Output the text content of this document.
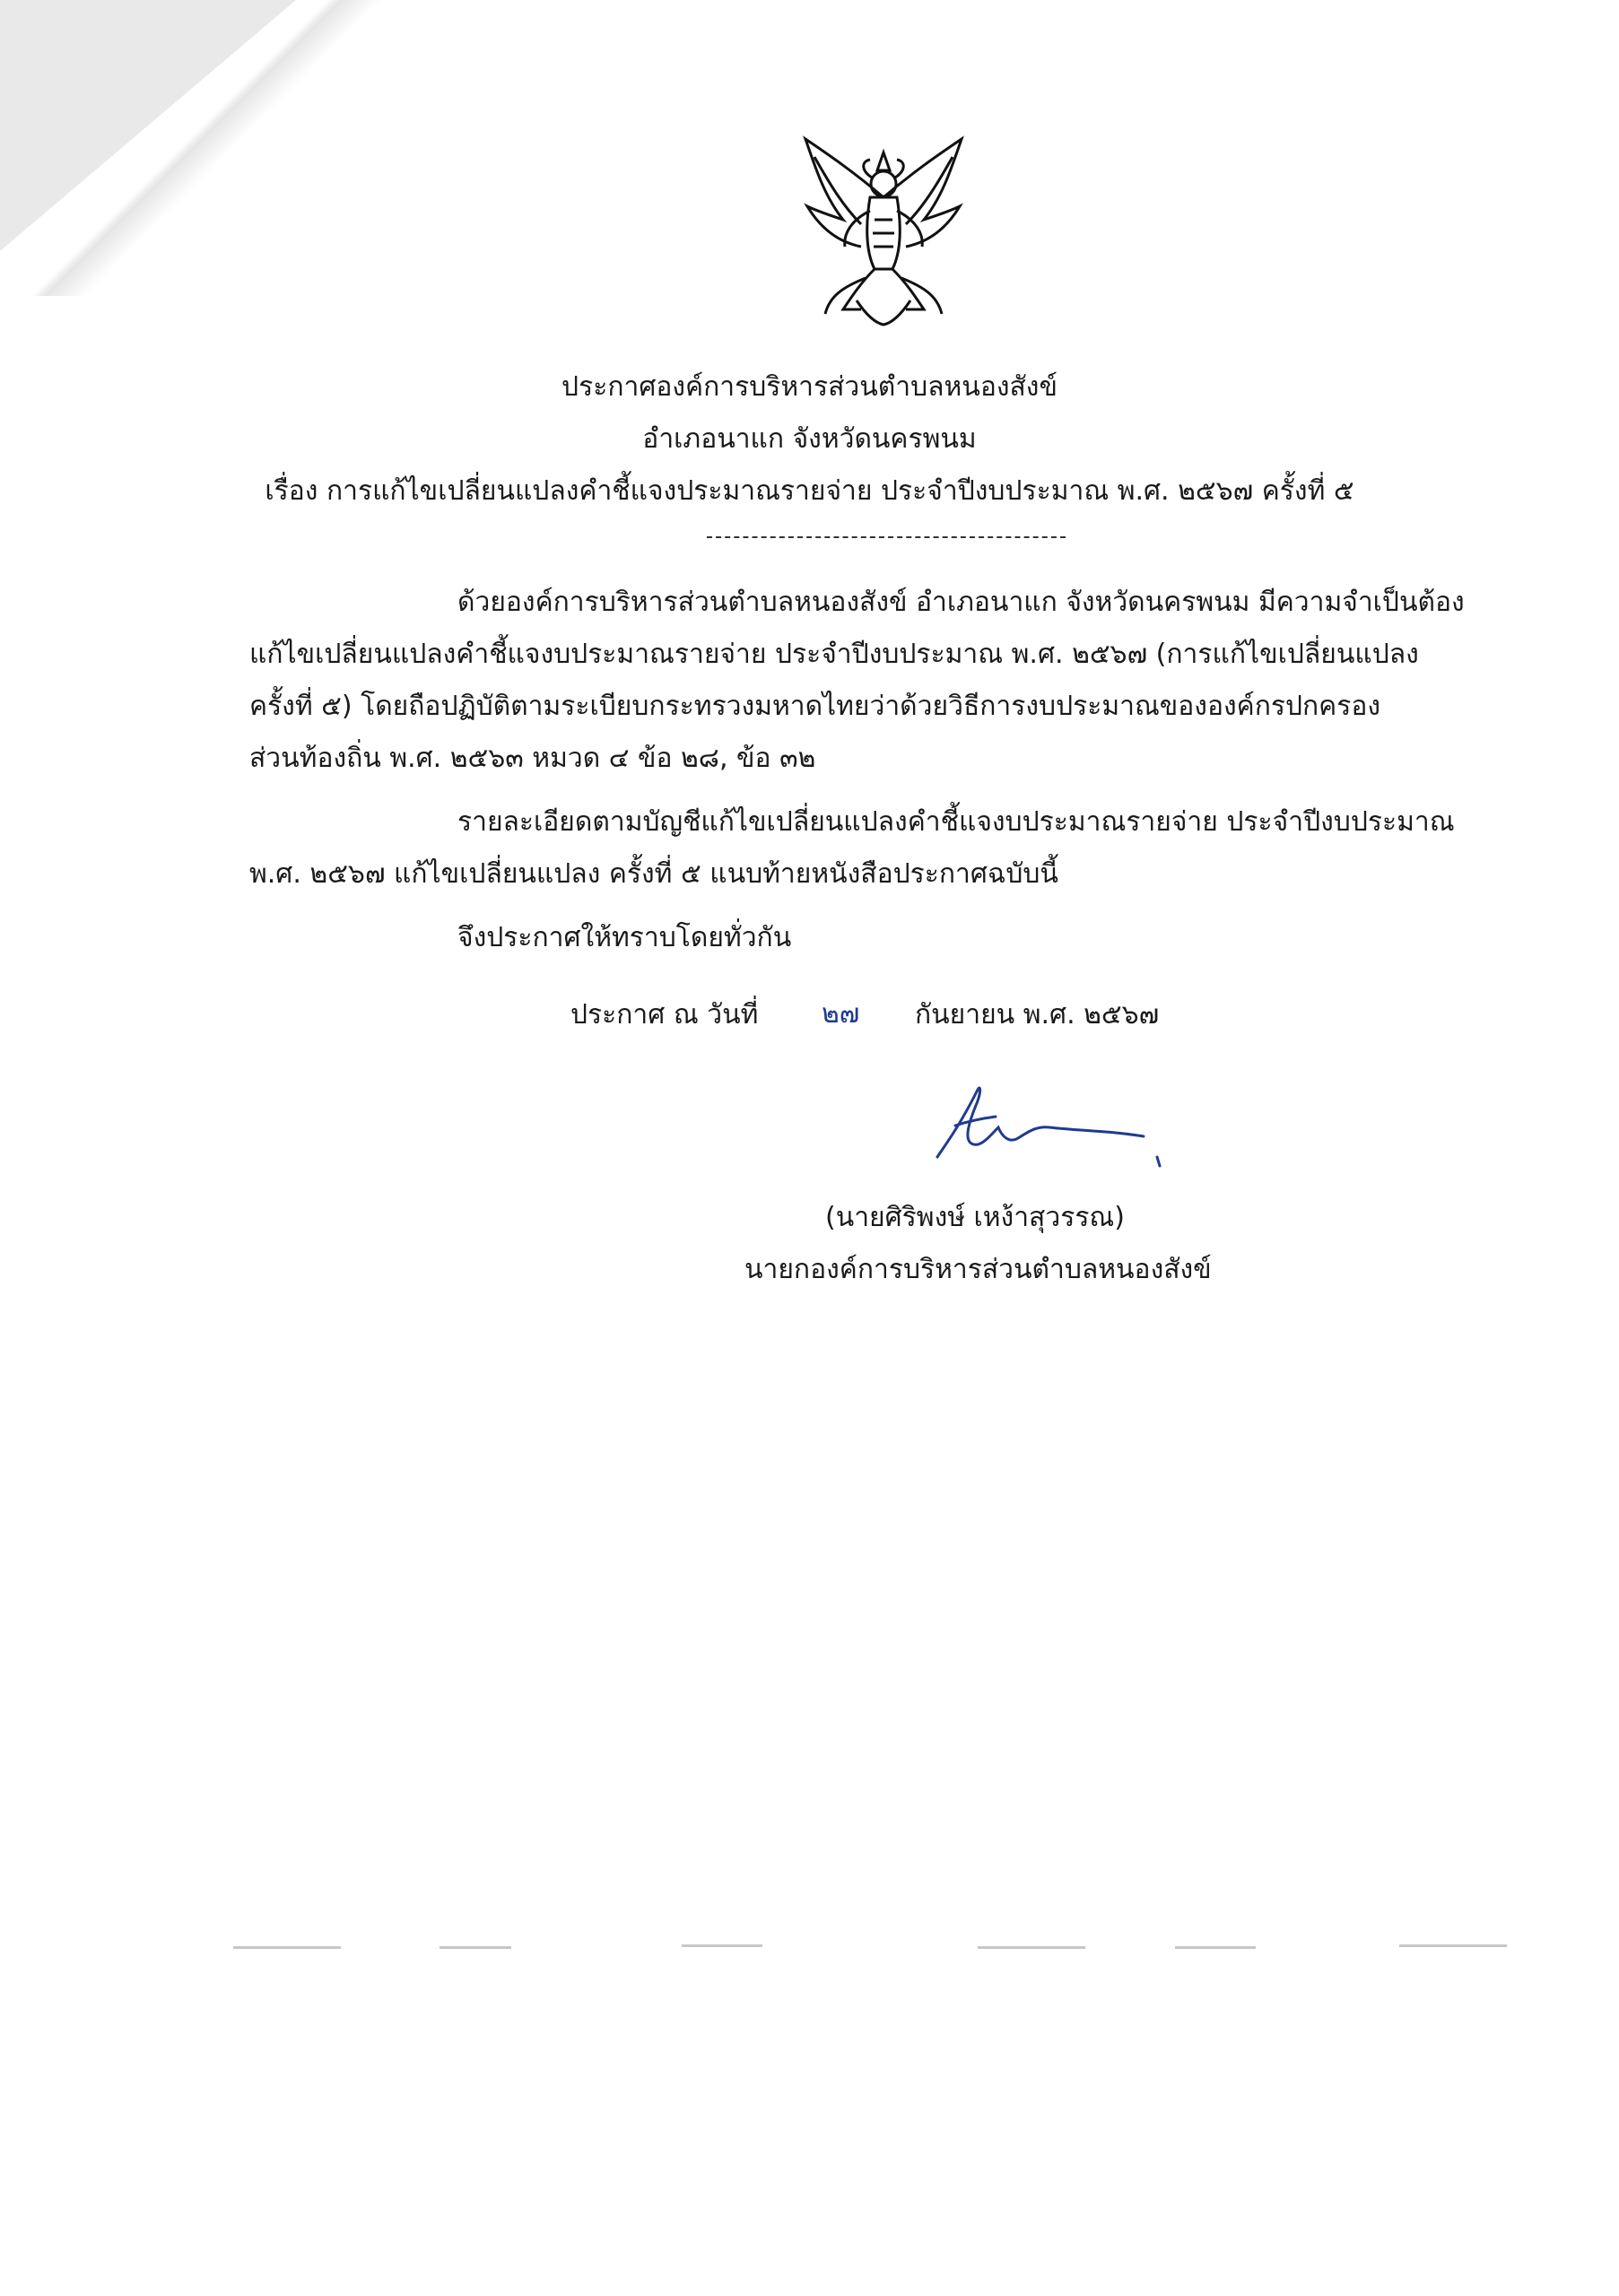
ประกาศองค์การบริหารส่วนตำบลหนองสังข์
อำเภอนาแก จังหวัดนครพนม
เรื่อง การแก้ไขเปลี่ยนแปลงคำชี้แจงประมาณรายจ่าย ประจำปีงบประมาณ พ.ศ. ๒๕๖๗ ครั้งที่ ๕
ด้วยองค์การบริหารส่วนตำบลหนองสังข์ อำเภอนาแก จังหวัดนครพนม มีความจำเป็นต้อง
แก้ไขเปลี่ยนแปลงคำชี้แจงบประมาณรายจ่าย ประจำปีงบประมาณ พ.ศ. ๒๕๖๗ (การแก้ไขเปลี่ยนแปลง
ครั้งที่ ๕) โดยถือปฏิบัติตามระเบียบกระทรวงมหาดไทยว่าด้วยวิธีการงบประมาณขององค์กรปกครอง
ส่วนท้องถิ่น พ.ศ. ๒๕๖๓ หมวด ๔ ข้อ ๒๘, ข้อ ๓๒
รายละเอียดตามบัญชีแก้ไขเปลี่ยนแปลงคำชี้แจงบประมาณรายจ่าย ประจำปีงบประมาณ
พ.ศ. ๒๕๖๗ แก้ไขเปลี่ยนแปลง ครั้งที่ ๕ แนบท้ายหนังสือประกาศฉบับนี้
จึงประกาศให้ทราบโดยทั่วกัน
ประกาศ ณ วันที่ ๒๗ กันยายน พ.ศ. ๒๕๖๗
(นายศิริพงษ์ เหง้าสุวรรณ)
นายกองค์การบริหารส่วนตำบลหนองสังข์
